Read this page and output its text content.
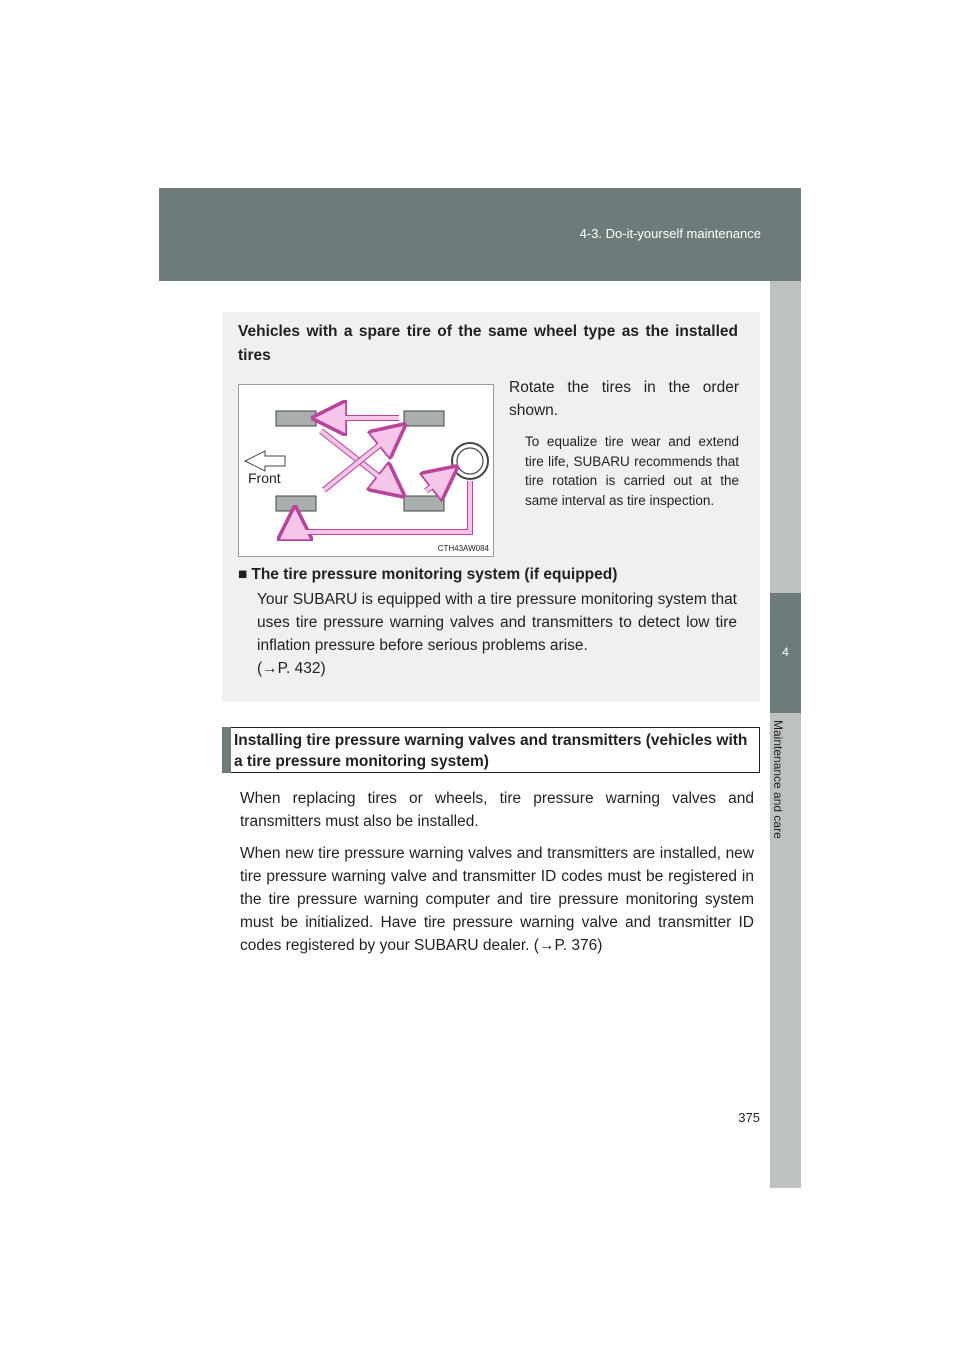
4-3. Do-it-yourself maintenance
4
Maintenance and care
Vehicles with a spare tire of the same wheel type as the installed tires
Front
CTH43AW084
Rotate the tires in the order shown.
To equalize tire wear and extend tire life, SUBARU recommends that tire rotation is carried out at the same interval as tire inspection.
■ The tire pressure monitoring system (if equipped)
Your SUBARU is equipped with a tire pressure monitoring system that uses tire pressure warning valves and transmitters to detect low tire inflation pressure before serious problems arise.
(→P. 432)
Installing tire pressure warning valves and transmitters (vehicles with a tire pressure monitoring system)
When replacing tires or wheels, tire pressure warning valves and transmitters must also be installed.
When new tire pressure warning valves and transmitters are installed, new tire pressure warning valve and transmitter ID codes must be registered in the tire pressure warning computer and tire pressure monitoring system must be initialized. Have tire pressure warning valve and transmitter ID codes registered by your SUBARU dealer. (→P. 376)
375
